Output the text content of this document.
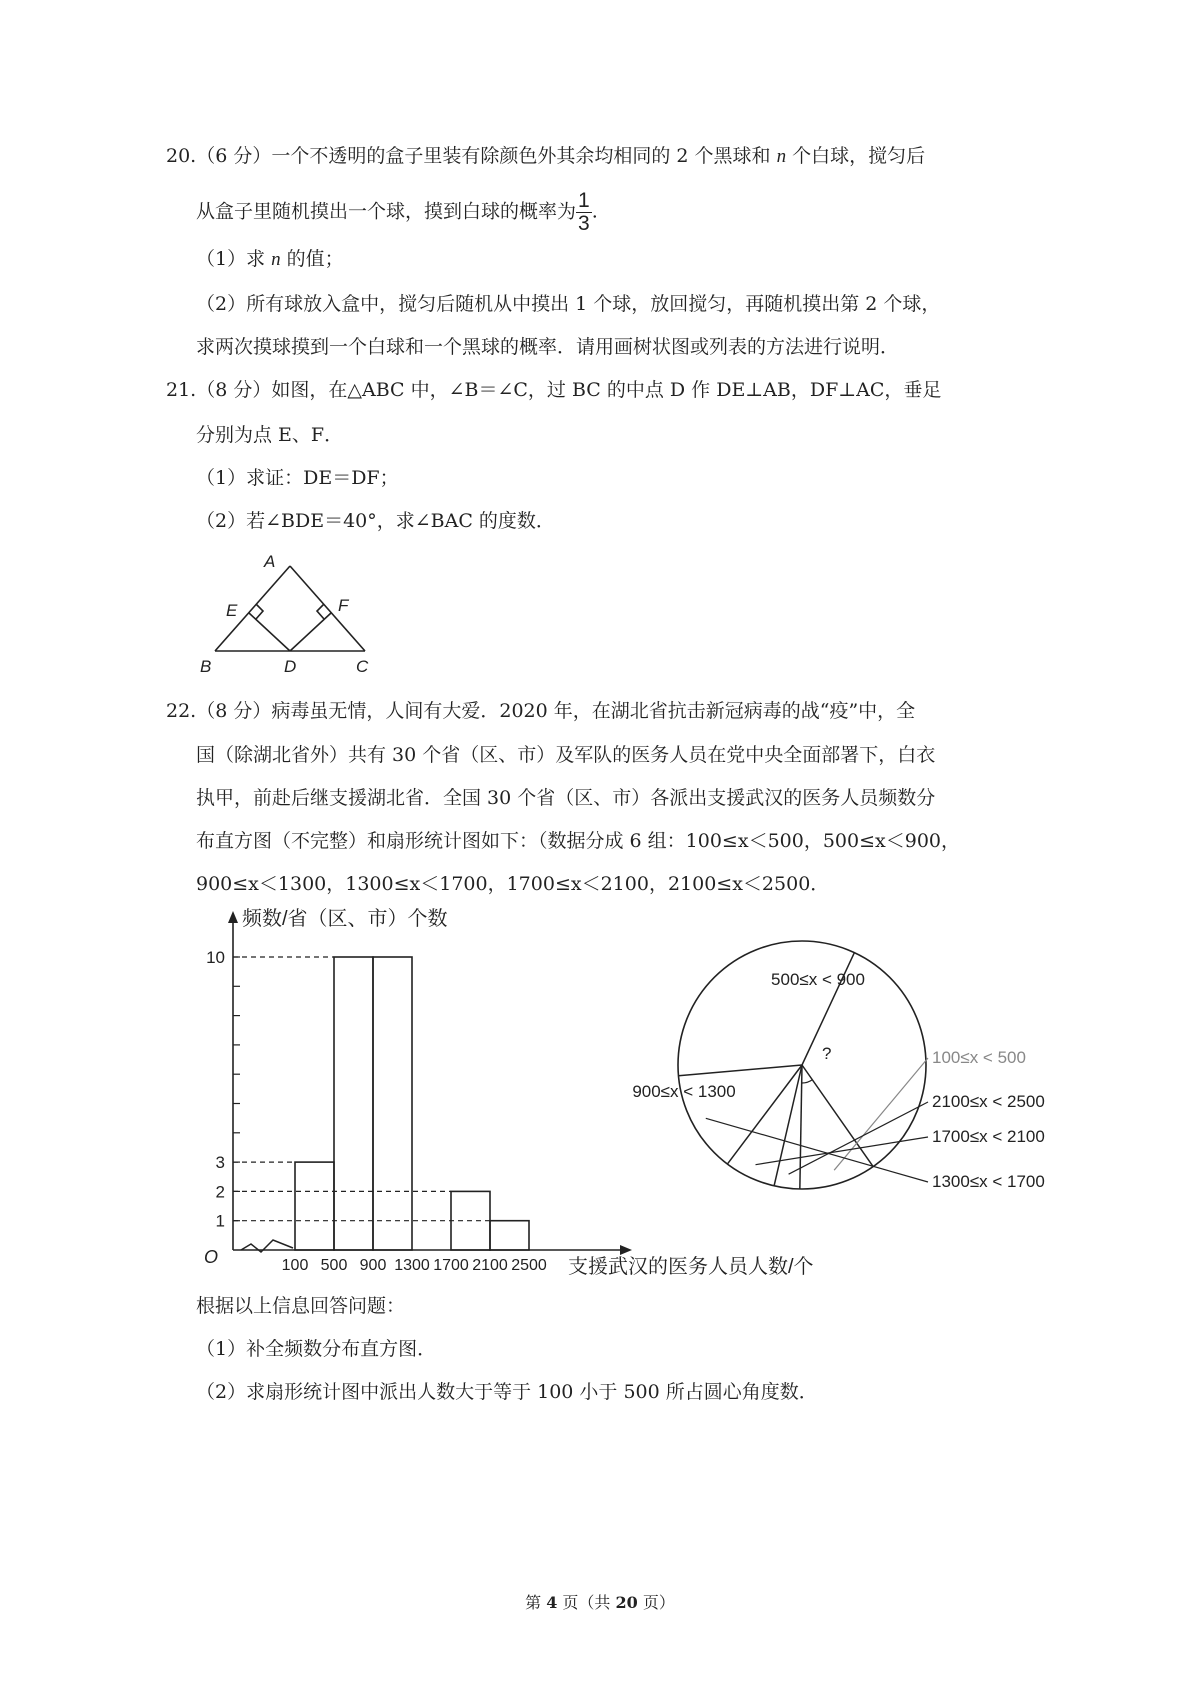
20.（6 分）一个不透明的盒子里装有除颜色外其余均相同的 2 个黑球和 n 个白球，搅匀后
从盒子里随机摸出一个球，摸到白球的概率为 $\frac{1}{3}$ .
（1）求 n 的值；
（2）所有球放入盒中，搅匀后随机从中摸出 1 个球，放回搅匀，再随机摸出第 2 个球，
求两次摸球摸到一个白球和一个黑球的概率．请用画树状图或列表的方法进行说明．
21.（8 分）如图，在△ABC 中，∠B＝∠C，过 BC 的中点 D 作 DE⊥AB，DF⊥AC，垂足
分别为点 E、F．
（1）求证：DE＝DF；
（2）若∠BDE＝40°，求∠BAC 的度数．
A
E	F
B	D	C
22.（8 分）病毒虽无情，人间有大爱．2020 年，在湖北省抗击新冠病毒的战“疫”中，全
国（除湖北省外）共有 30 个省（区、市）及军队的医务人员在党中央全面部署下，白衣
执甲，前赴后继支援湖北省．全国 30 个省（区、市）各派出支援武汉的医务人员频数分
布直方图（不完整）和扇形统计图如下：（数据分成 6 组：100≤x＜500，500≤x＜900，
900≤x＜1300，1300≤x＜1700，1700≤x＜2100，2100≤x＜2500．
频数/省（区、市）个数
O
1
2
3
10
100 500 900 1300 1700 2100 2500 支援武汉的医务人员人数/个
?
500≤x < 900
100≤x < 500
2100≤x < 2500
1700≤x < 2100
1300≤x < 1700
900≤x < 1300
根据以上信息回答问题：
（1）补全频数分布直方图．
（2）求扇形统计图中派出人数大于等于 100 小于 500 所占圆心角度数．
第 4 页（共 20 页）
